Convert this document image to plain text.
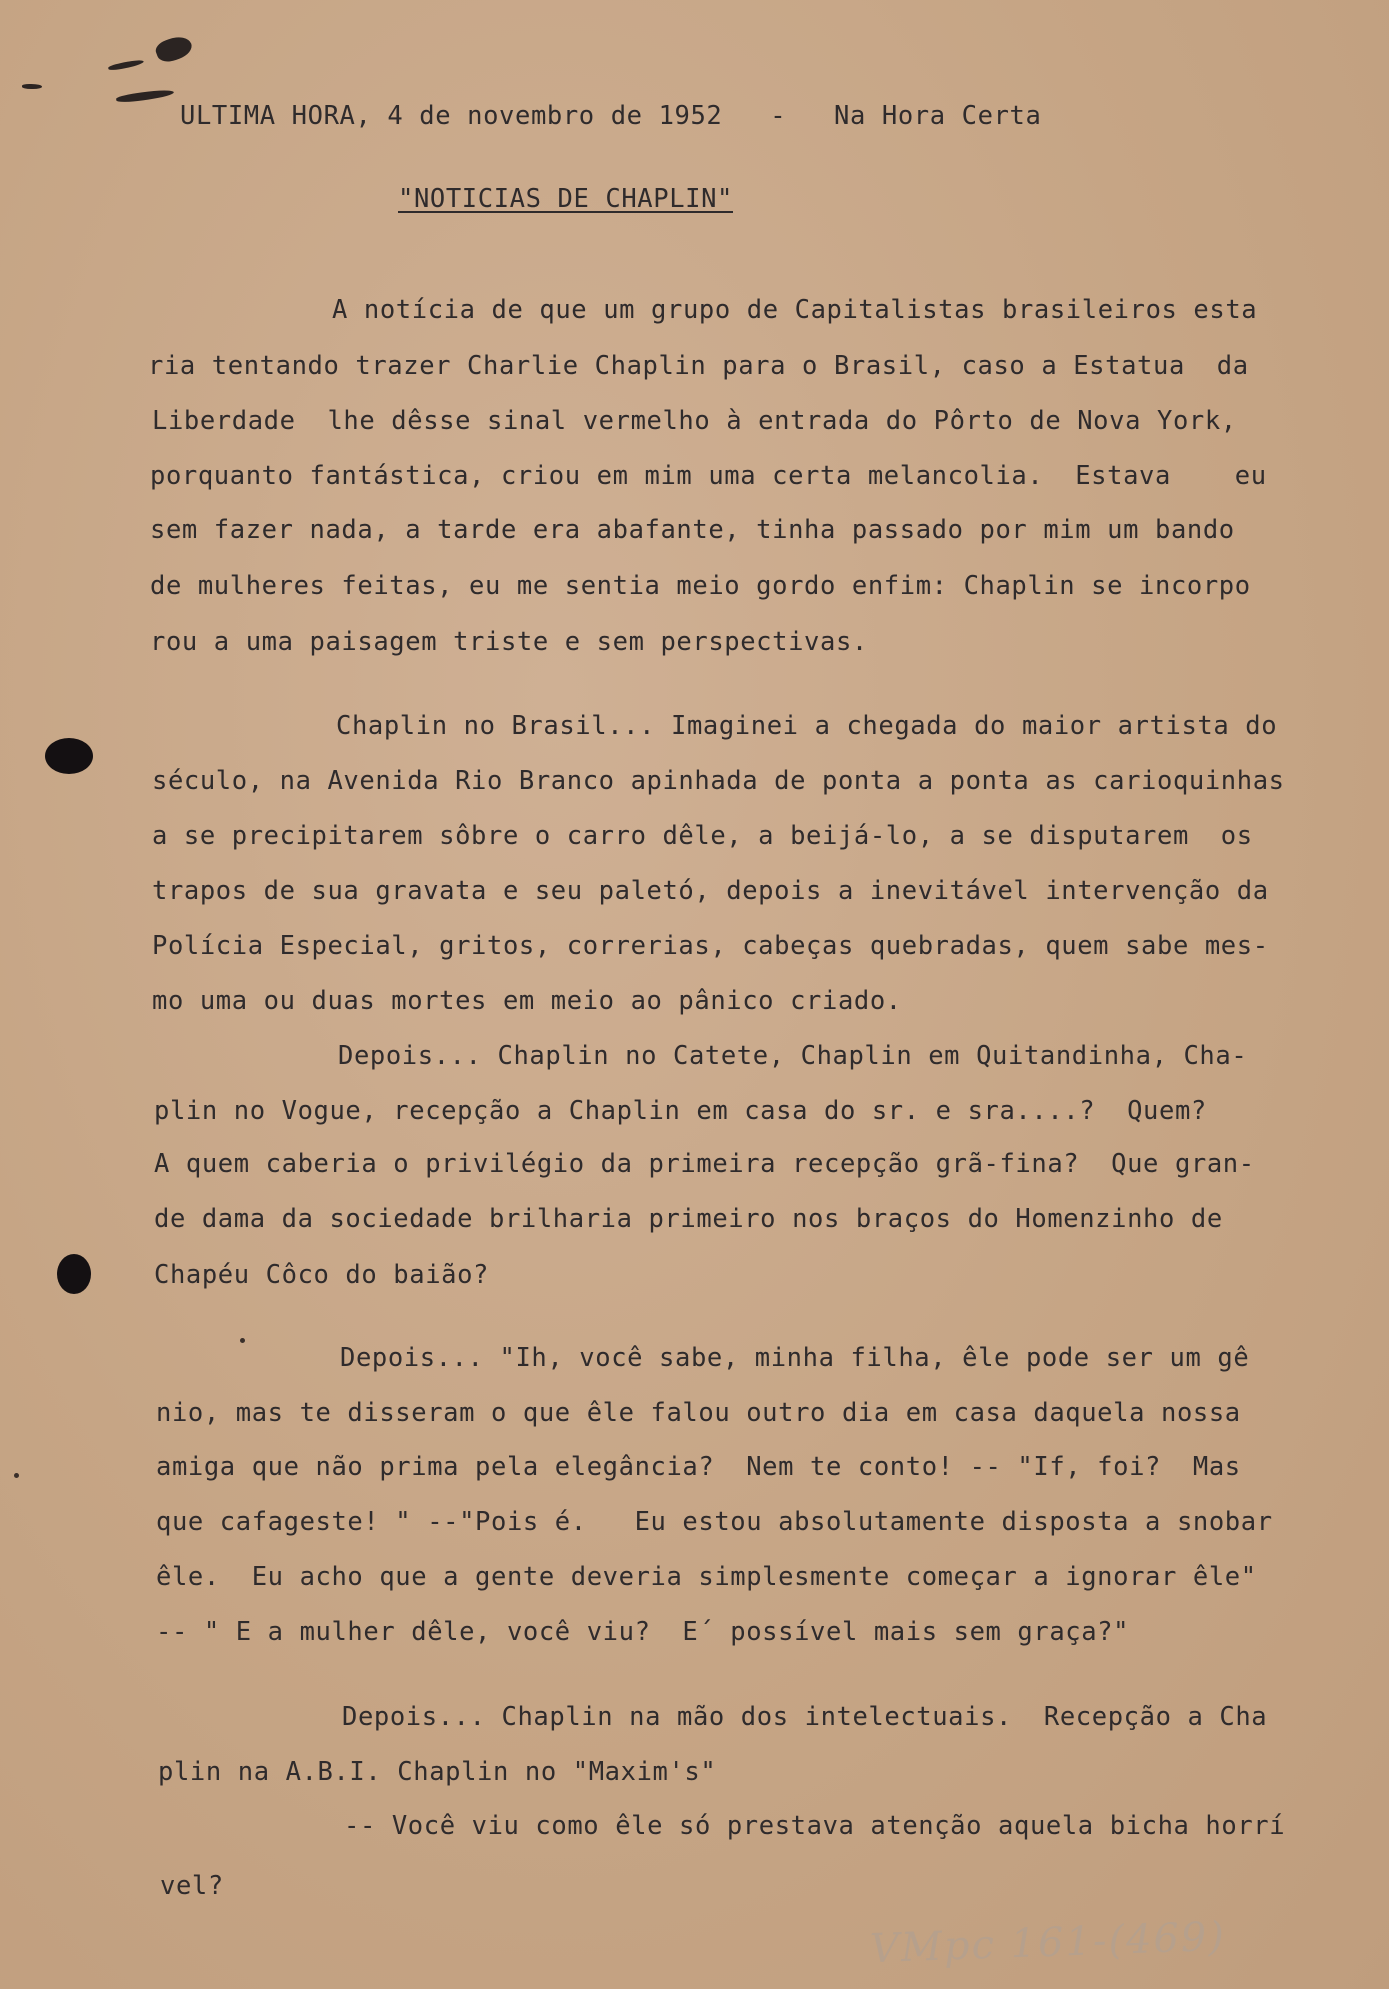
ULTIMA HORA, 4 de novembro de 1952   -   Na Hora Certa
"NOTICIAS DE CHAPLIN"
A notícia de que um grupo de Capitalistas brasileiros esta
ria tentando trazer Charlie Chaplin para o Brasil, caso a Estatua  da
Liberdade  lhe dêsse sinal vermelho à entrada do Pôrto de Nova York,
porquanto fantástica, criou em mim uma certa melancolia.  Estava    eu
sem fazer nada, a tarde era abafante, tinha passado por mim um bando
de mulheres feitas, eu me sentia meio gordo enfim: Chaplin se incorpo
rou a uma paisagem triste e sem perspectivas.
Chaplin no Brasil... Imaginei a chegada do maior artista do
século, na Avenida Rio Branco apinhada de ponta a ponta as carioquinhas
a se precipitarem sôbre o carro dêle, a beijá-lo, a se disputarem  os
trapos de sua gravata e seu paletó, depois a inevitável intervenção da
Polícia Especial, gritos, correrias, cabeças quebradas, quem sabe mes-
mo uma ou duas mortes em meio ao pânico criado.
Depois... Chaplin no Catete, Chaplin em Quitandinha, Cha-
plin no Vogue, recepção a Chaplin em casa do sr. e sra....?  Quem?
A quem caberia o privilégio da primeira recepção grã-fina?  Que gran-
de dama da sociedade brilharia primeiro nos braços do Homenzinho de
Chapéu Côco do baião?
Depois... "Ih, você sabe, minha filha, êle pode ser um gê
nio, mas te disseram o que êle falou outro dia em casa daquela nossa
amiga que não prima pela elegância?  Nem te conto! -- "If, foi?  Mas
que cafageste! " --"Pois é.   Eu estou absolutamente disposta a snobar
êle.  Eu acho que a gente deveria simplesmente começar a ignorar êle"
-- " E a mulher dêle, você viu?  E´ possível mais sem graça?"
Depois... Chaplin na mão dos intelectuais.  Recepção a Cha
plin na A.B.I. Chaplin no "Maxim's"
-- Você viu como êle só prestava atenção aquela bicha horrí
vel?
VMpc 161-(469)
